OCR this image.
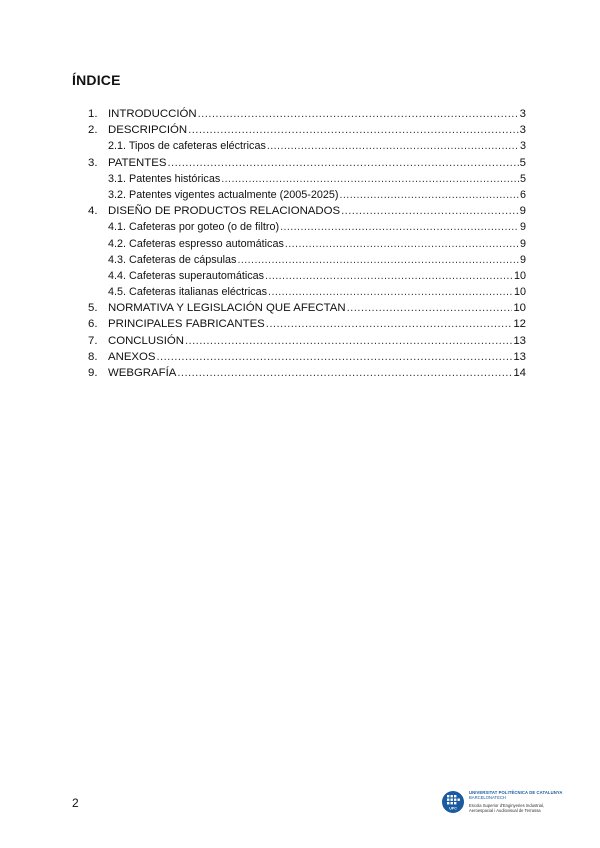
ÍNDICE
1. INTRODUCCIÓN .....	3
2. DESCRIPCIÓN .....	3
2.1. Tipos de cafeteras eléctricas .....	3
3. PATENTES .....	5
3.1. Patentes históricas .....	5
3.2. Patentes vigentes actualmente (2005-2025) .....	6
4. DISEÑO DE PRODUCTOS RELACIONADOS .....	9
4.1. Cafeteras por goteo (o de filtro) .....	9
4.2. Cafeteras espresso automáticas .....	9
4.3. Cafeteras de cápsulas .....	9
4.4. Cafeteras superautomáticas .....	10
4.5. Cafeteras italianas eléctricas .....	10
5. NORMATIVA Y LEGISLACIÓN QUE AFECTAN .....	10
6. PRINCIPALES FABRICANTES .....	12
7. CONCLUSIÓN .....	13
8. ANEXOS .....	13
9. WEBGRAFÍA .....	14
2	UPC
UNIVERSITAT POLITÈCNICA DE CATALUNYA
BARCELONATECH
Escola Superior d'Enginyeries Industrial,
Aeroespacial i Audiovisual de Terrassa
